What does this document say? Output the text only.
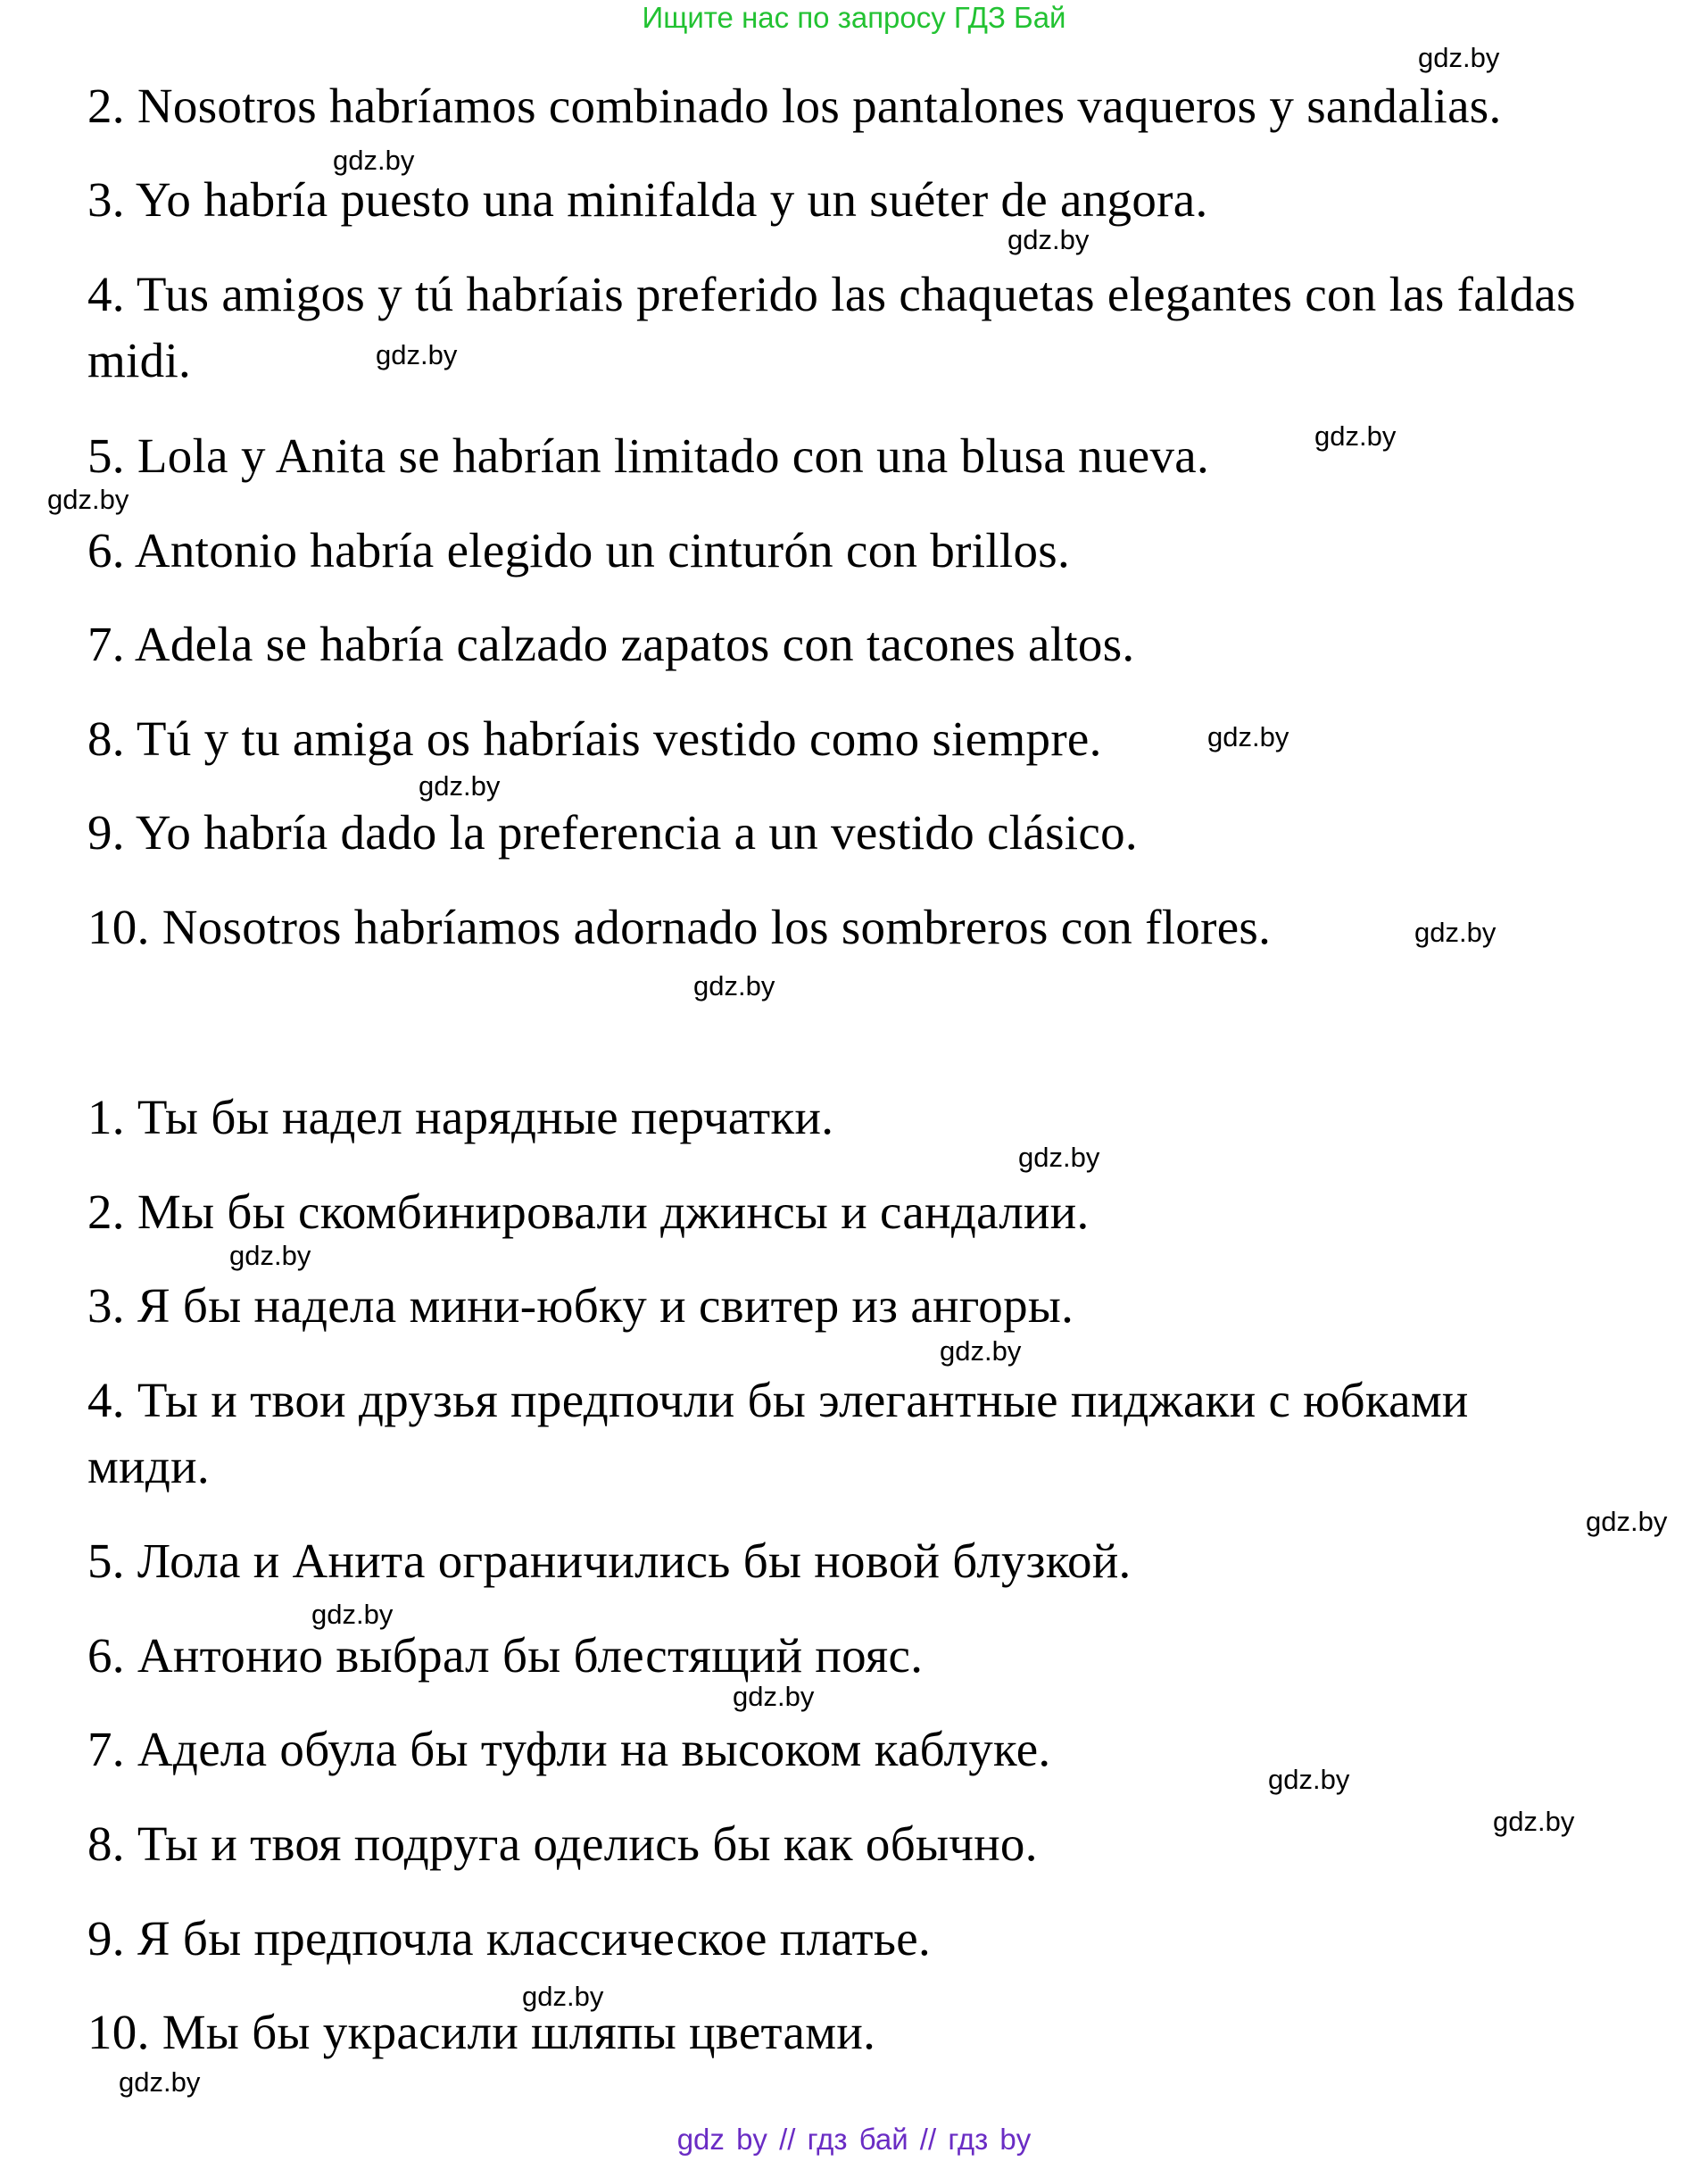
Ищите нас по запросу ГДЗ Бай
2. Nosotros habríamos combinado los pantalones vaqueros y sandalias.
3. Yo habría puesto una minifalda y un suéter de angora.
4. Tus amigos y tú habríais preferido las chaquetas elegantes con las faldas
midi.
5. Lola y Anita se habrían limitado con una blusa nueva.
6. Antonio habría elegido un cinturón con brillos.
7. Adela se habría calzado zapatos con tacones altos.
8. Tú y tu amiga os habríais vestido como siempre.
9. Yo habría dado la preferencia a un vestido clásico.
10. Nosotros habríamos adornado los sombreros con flores.
1. Ты бы надел нарядные перчатки.
2. Мы бы скомбинировали джинсы и сандалии.
3. Я бы надела мини-юбку и свитер из ангоры.
4. Ты и твои друзья предпочли бы элегантные пиджаки с юбками
миди.
5. Лола и Анита ограничились бы новой блузкой.
6. Антонио выбрал бы блестящий пояс.
7. Адела обула бы туфли на высоком каблуке.
8. Ты и твоя подруга оделись бы как обычно.
9. Я бы предпочла классическое платье.
10. Мы бы украсили шляпы цветами.
gdz.by
gdz.by
gdz.by
gdz.by
gdz.by
gdz.by
gdz.by
gdz.by
gdz.by
gdz.by
gdz.by
gdz.by
gdz.by
gdz.by
gdz.by
gdz.by
gdz.by
gdz.by
gdz.by
gdz.by
gdz by // гдз бай // гдз by
